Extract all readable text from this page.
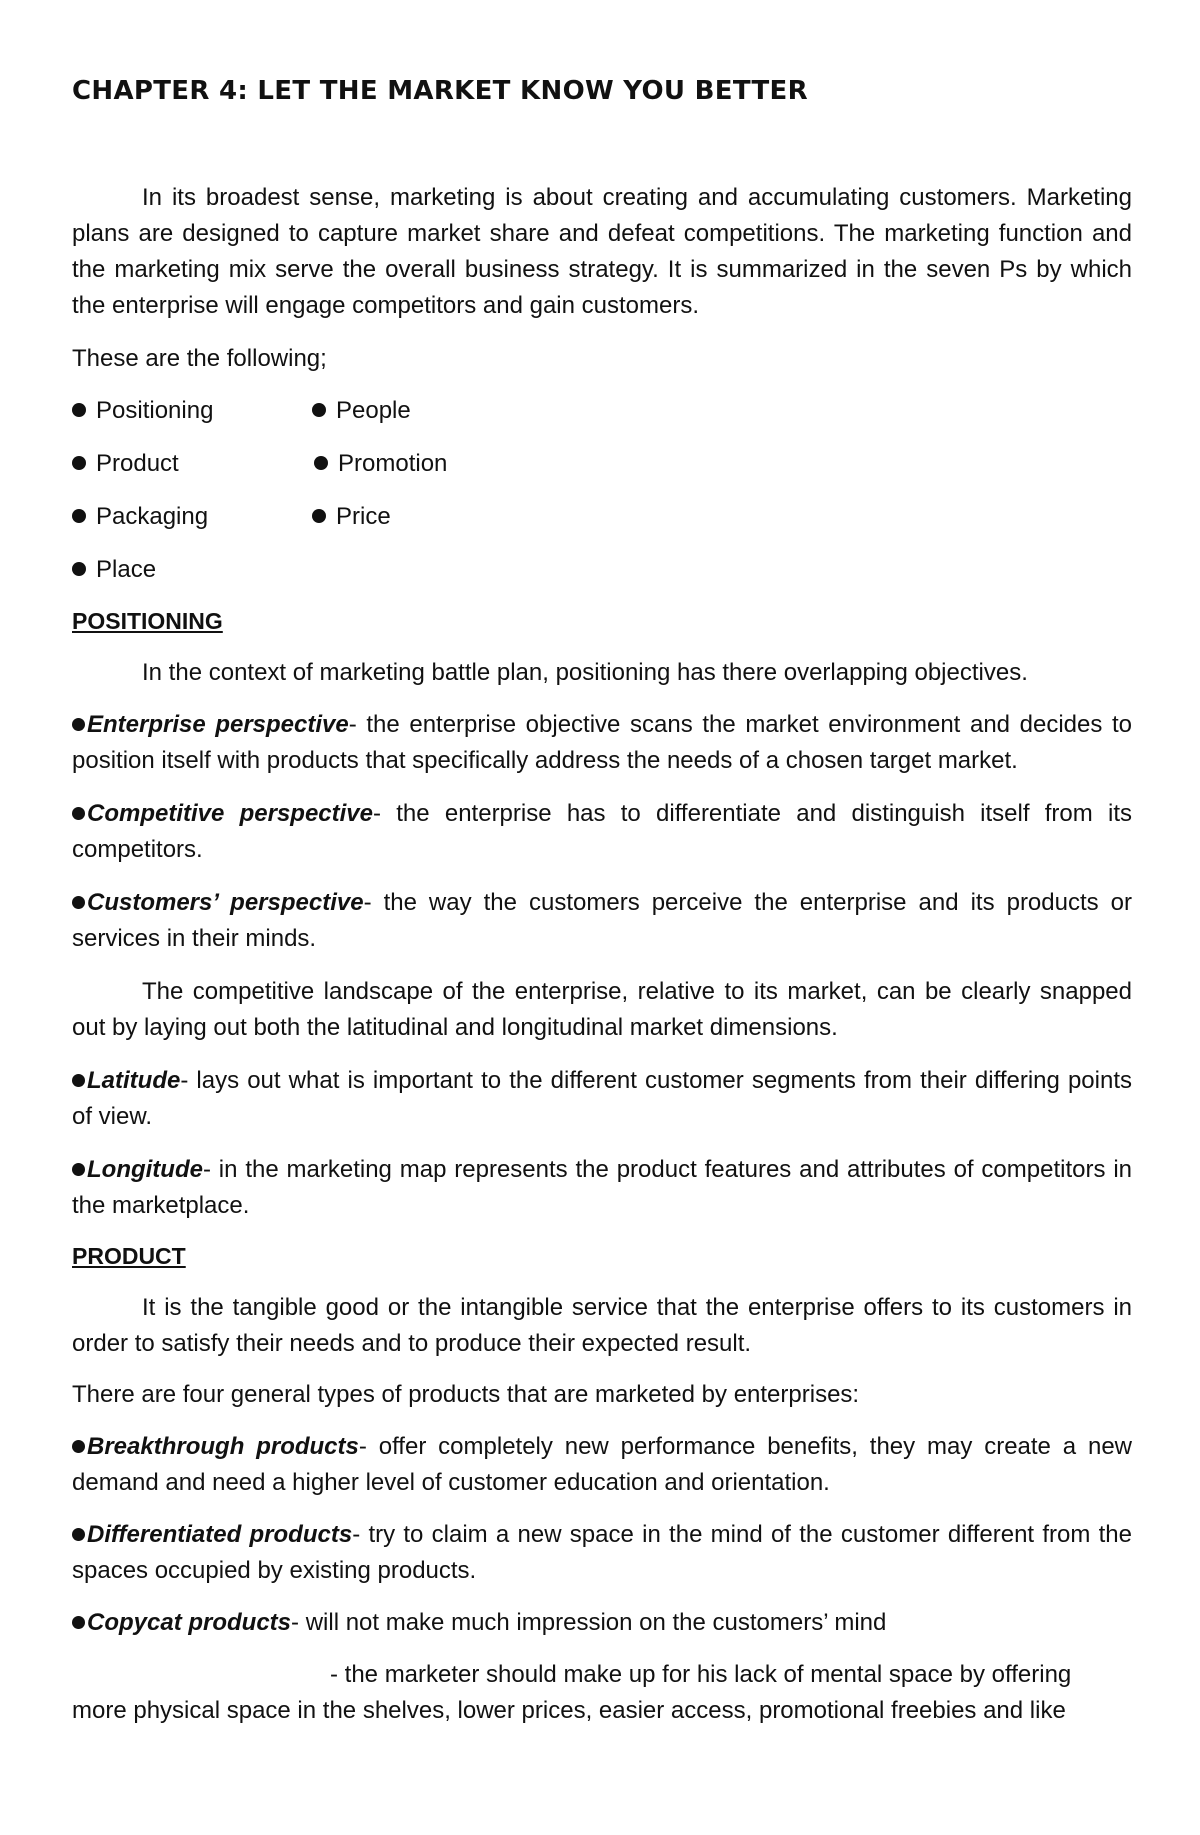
CHAPTER 4: LET THE MARKET KNOW YOU BETTER

In its broadest sense, marketing is about creating and accumulating customers. Marketing plans are designed to capture market share and defeat competitions. The marketing function and the marketing mix serve the overall business strategy. It is summarized in the seven Ps by which the enterprise will engage competitors and gain customers.

These are the following;

Positioning	People
Product	Promotion
Packaging	Price
Place
POSITIONING

In the context of marketing battle plan, positioning has there overlapping objectives.

Enterprise perspective- the enterprise objective scans the market environment and decides to position itself with products that specifically address the needs of a chosen target market.

Competitive perspective- the enterprise has to differentiate and distinguish itself from its competitors.

Customers’ perspective- the way the customers perceive the enterprise and its products or services in their minds.

The competitive landscape of the enterprise, relative to its market, can be clearly snapped out by laying out both the latitudinal and longitudinal market dimensions.

Latitude- lays out what is important to the different customer segments from their differing points of view.

Longitude- in the marketing map represents the product features and attributes of competitors in the marketplace.

PRODUCT

It is the tangible good or the intangible service that the enterprise offers to its customers in order to satisfy their needs and to produce their expected result.

There are four general types of products that are marketed by enterprises:

Breakthrough products- offer completely new performance benefits, they may create a new demand and need a higher level of customer education and orientation.

Differentiated products- try to claim a new space in the mind of the customer different from the spaces occupied by existing products.

Copycat products- will not make much impression on the customers’ mind

- the marketer should make up for his lack of mental space by offering

more physical space in the shelves, lower prices, easier access, promotional freebies and like
